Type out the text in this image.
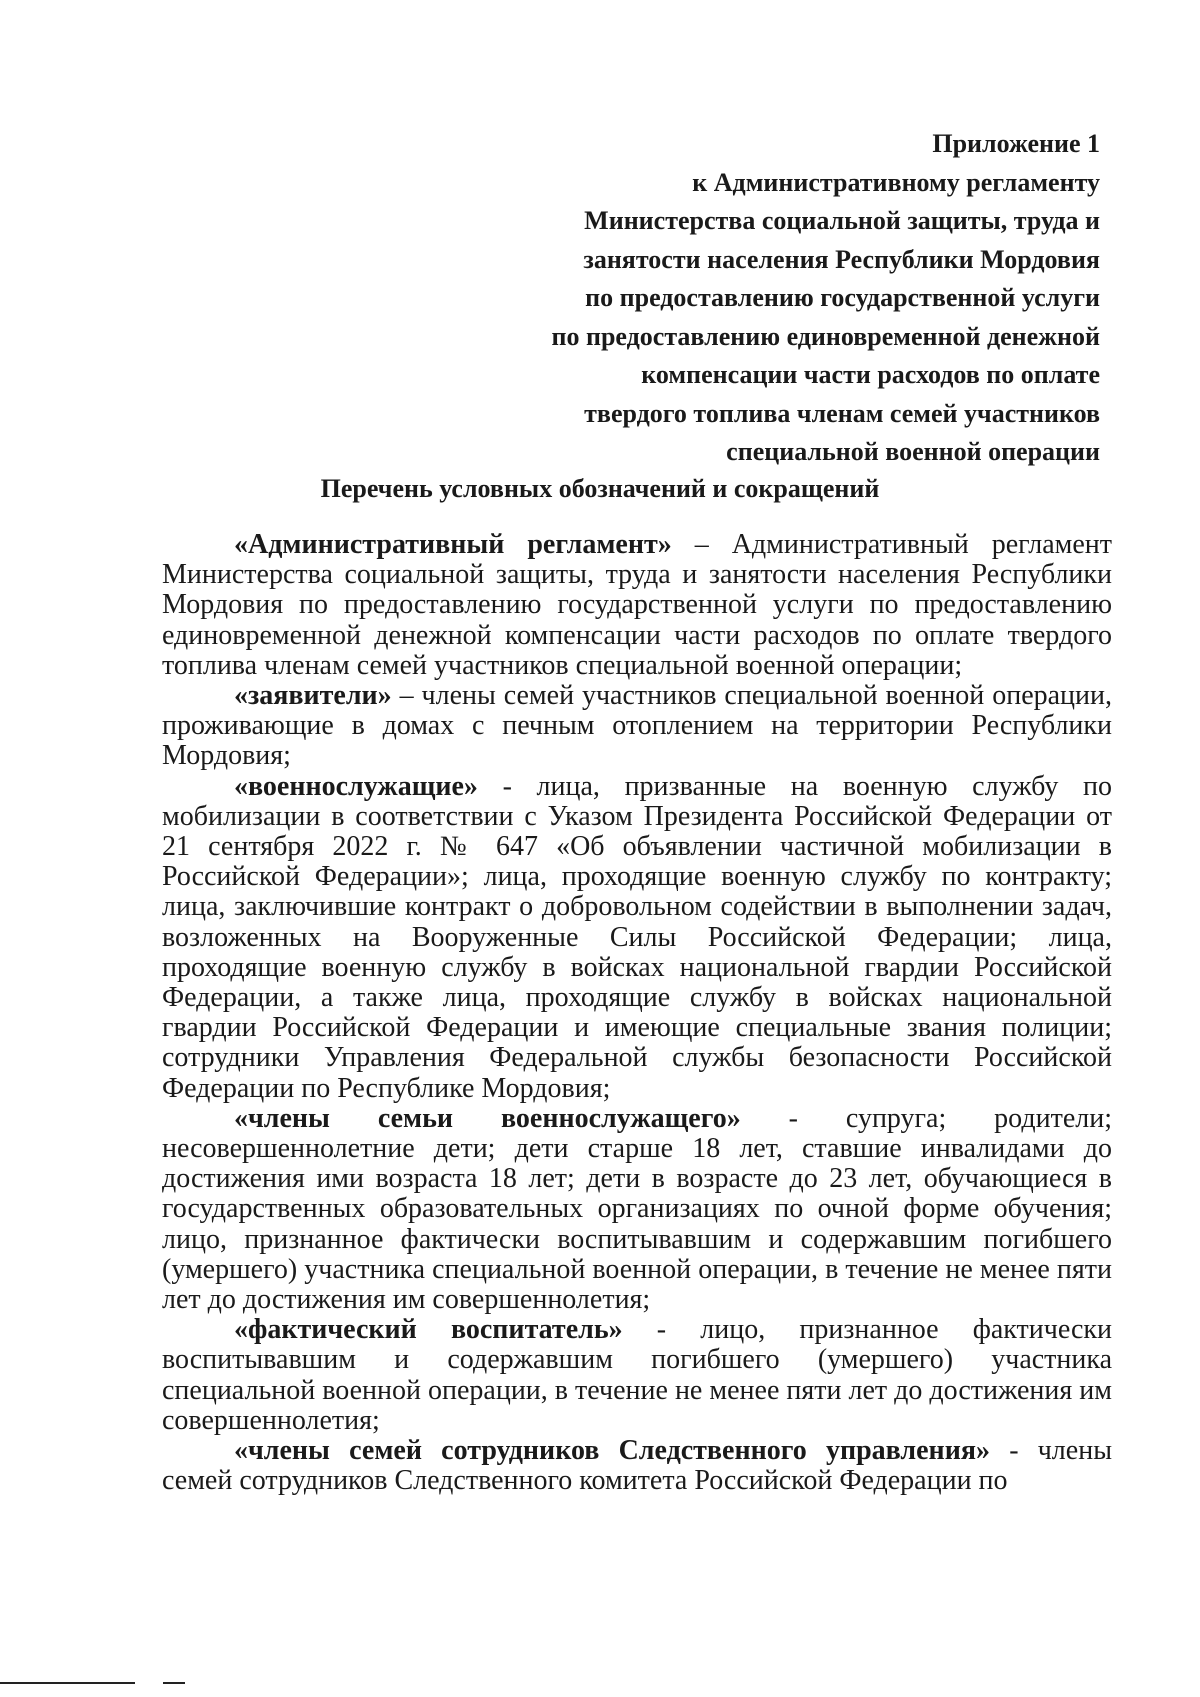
Приложение 1
к Административному регламенту
Министерства социальной защиты, труда и
занятости населения Республики Мордовия
по предоставлению государственной услуги
по предоставлению единовременной денежной
компенсации части расходов по оплате
твердого топлива членам семей участников
специальной военной операции
Перечень условных обозначений и сокращений

«Административный регламент» – Административный регламент Министерства социальной защиты, труда и занятости населения Республики Мордовия по предоставлению государственной услуги по предоставлению единовременной денежной компенсации части расходов по оплате твердого топлива членам семей участников специальной военной операции;

«заявители» – члены семей участников специальной военной операции, проживающие в домах с печным отоплением на территории Республики Мордовия;

«военнослужащие» - лица, призванные на военную службу по мобилизации в соответствии с Указом Президента Российской Федерации от 21 сентября 2022 г. № 647 «Об объявлении частичной мобилизации в Российской Федерации»; лица, проходящие военную службу по контракту; лица, заключившие контракт о добровольном содействии в выполнении задач, возложенных на Вооруженные Силы Российской Федерации; лица, проходящие военную службу в войсках национальной гвардии Российской Федерации, а также лица, проходящие службу в войсках национальной гвардии Российской Федерации и имеющие специальные звания полиции; сотрудники Управления Федеральной службы безопасности Российской Федерации по Республике Мордовия;

«члены семьи военнослужащего» - супруга; родители; несовершеннолетние дети; дети старше 18 лет, ставшие инвалидами до достижения ими возраста 18 лет; дети в возрасте до 23 лет, обучающиеся в государственных образовательных организациях по очной форме обучения; лицо, признанное фактически воспитывавшим и содержавшим погибшего (умершего) участника специальной военной операции, в течение не менее пяти лет до достижения им совершеннолетия;

«фактический воспитатель» - лицо, признанное фактически воспитывавшим и содержавшим погибшего (умершего) участника специальной военной операции, в течение не менее пяти лет до достижения им совершеннолетия;

«члены семей сотрудников Следственного управления» - члены семей сотрудников Следственного комитета Российской Федерации по
